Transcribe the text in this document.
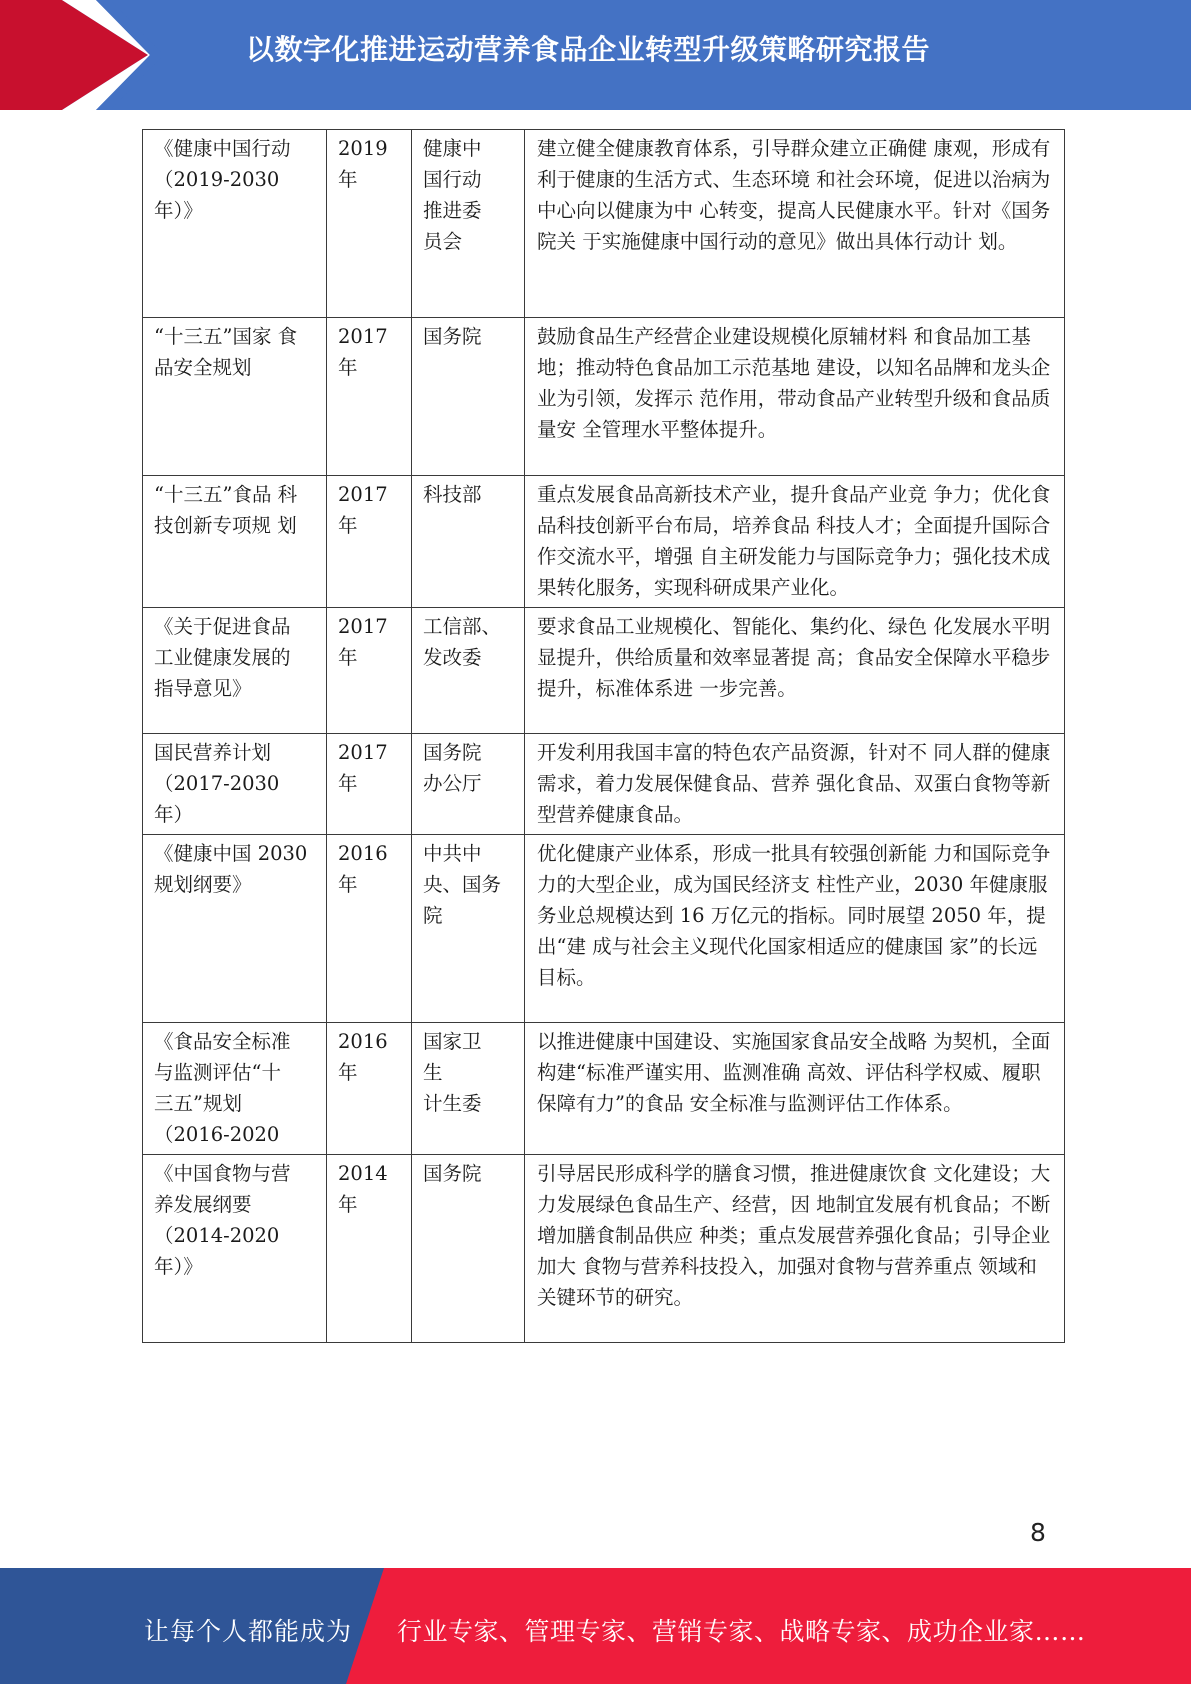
以数字化推进运动营养食品企业转型升级策略研究报告
《健康中国行动
（2019-2030
年）》	2019
年	健康中
国行动
推进委
员会	建立健全健康教育体系，引导群众建立正确健 康观，形成有利于健康的生活方式、生态环境 和社会环境，促进以治病为中心向以健康为中 心转变，提高人民健康水平。针对《国务院关 于实施健康中国行动的意见》做出具体行动计 划。

“十三五”国家 食品安全规划	2017
年	国务院	鼓励食品生产经营企业建设规模化原辅材料 和食品加工基地；推动特色食品加工示范基地 建设，以知名品牌和龙头企业为引领，发挥示 范作用，带动食品产业转型升级和食品质量安 全管理水平整体提升。

“十三五”食品 科技创新专项规 划	2017
年	科技部	重点发展食品高新技术产业，提升食品产业竞 争力；优化食品科技创新平台布局，培养食品 科技人才；全面提升国际合作交流水平，增强 自主研发能力与国际竞争力；强化技术成果转化服务，实现科研成果产业化。

《关于促进食品
工业健康发展的
指导意见》	2017
年	工信部、
发改委	要求食品工业规模化、智能化、集约化、绿色 化发展水平明显提升，供给质量和效率显著提 高；食品安全保障水平稳步提升，标准体系进 一步完善。

国民营养计划
（2017-2030
年）	2017
年	国务院
办公厅	开发利用我国丰富的特色农产品资源，针对不 同人群的健康需求，着力发展保健食品、营养 强化食品、双蛋白食物等新型营养健康食品。

《健康中国 2030
规划纲要》	2016
年	中共中
央、国务
院	优化健康产业体系，形成一批具有较强创新能 力和国际竞争力的大型企业，成为国民经济支 柱性产业，2030 年健康服务业总规模达到 16 万亿元的指标。同时展望 2050 年，提出“建 成与社会主义现代化国家相适应的健康国 家”的长远目标。

《食品安全标准
与监测评估“十
三五”规划
（2016-2020	2016
年	国家卫
生
计生委	以推进健康中国建设、实施国家食品安全战略 为契机，全面构建“标准严谨实用、监测准确 高效、评估科学权威、履职保障有力”的食品 安全标准与监测评估工作体系。

《中国食物与营
养发展纲要
（2014-2020
年）》	2014
年	国务院	引导居民形成科学的膳食习惯，推进健康饮食 文化建设；大力发展绿色食品生产、经营，因 地制宜发展有机食品；不断增加膳食制品供应 种类；重点发展营养强化食品；引导企业加大 食物与营养科技投入，加强对食物与营养重点 领域和关键环节的研究。
8
让每个人都能成为 行业专家、管理专家、营销专家、战略专家、成功企业家……
